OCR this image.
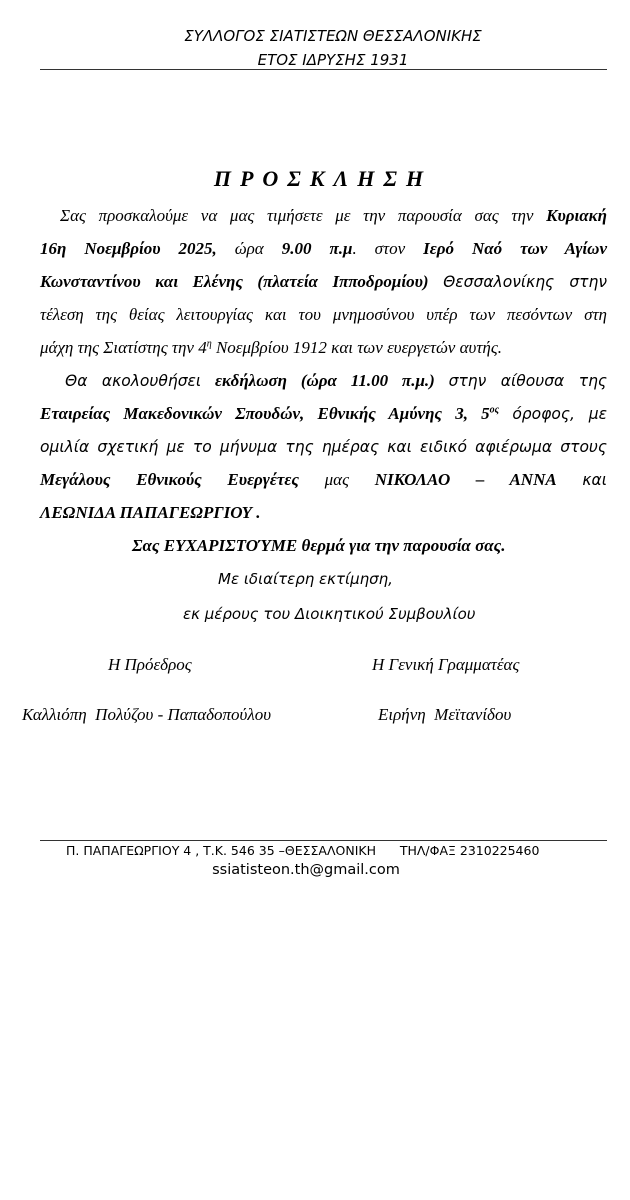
ΣΥΛΛΟΓΟΣ ΣΙΑΤΙΣΤΕΩΝ ΘΕΣΣΑΛΟΝΙΚΗΣ
ΕΤΟΣ ΙΔΡΥΣΗΣ 1931
ΠΡΟΣΚΛΗΣΗ
Σας προσκαλούμε να μας τιμήσετε με την παρουσία σας την Κυριακή
16η Νοεμβρίου 2025, ώρα 9.00 π.μ. στον Ιερό Ναό των Αγίων
Κωνσταντίνου και Ελένης (πλατεία Ιπποδρομίου) Θεσσαλονίκης στην
τέλεση της θείας λειτουργίας και του μνημοσύνου υπέρ των πεσόντων στη
μάχη της Σιατίστης την $4^\eta$ Νοεμβρίου 1912 και των ευεργετών αυτής.
Θα ακολουθήσει εκδήλωση (ώρα 11.00 π.μ.) στην αίθουσα της
Εταιρείας Μακεδονικών Σπουδών, Εθνικής Αμύνης 3, $5^{o\varsigma}$ όροφος, με
ομιλία σχετική με το μήνυμα της ημέρας και ειδικό αφιέρωμα στους
Μεγάλους Εθνικούς Ευεργέτες μας ΝΙΚΟΛΑΟ – ΑΝΝΑ και
ΛΕΩΝΙΔΑ ΠΑΠΑΓΕΩΡΓΙΟΥ .
Σας ΕΥΧΑΡΙΣΤΟΎΜΕ θερμά για την παρουσία σας.
Με ιδιαίτερη εκτίμηση,
εκ μέρους του Διοικητικού Συμβουλίου
Η Πρόεδρος	Η Γενική Γραμματέας
Καλλιόπη  Πολύζου - Παπαδοπούλου	Ειρήνη  Μεϊτανίδου
Π. ΠΑΠΑΓΕΩΡΓΙΟΥ 4 , Τ.Κ. 546 35 –ΘΕΣΣΑΛΟΝΙΚΗ      ΤΗΛ/ΦΑΞ 2310225460
ssiatisteon.th@gmail.com
